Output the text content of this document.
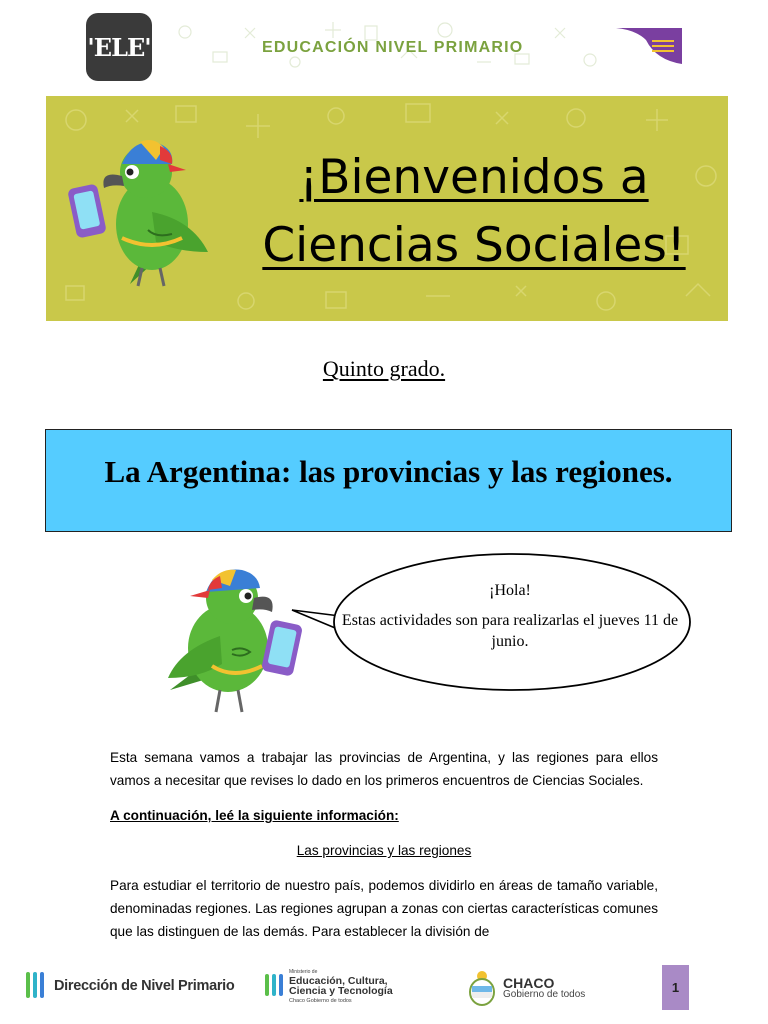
'ELE'	EDUCACIÓN NIVEL PRIMARIO
¡Bienvenidos a
Ciencias Sociales!
Quinto grado.
La Argentina: las provincias y las regiones.
¡Hola!
Estas actividades son para realizarlas el jueves 11 de junio.

Esta semana vamos a trabajar las provincias de Argentina, y las regiones para ellos vamos a necesitar que revises lo dado en los primeros encuentros de Ciencias Sociales.

A continuación, leé la siguiente información:

Las provincias y las regiones

Para estudiar el territorio de nuestro país, podemos dividirlo en áreas de tamaño variable, denominadas regiones. Las regiones agrupan a zonas con ciertas características comunes que las distinguen de las demás. Para establecer la división de

Dirección de Nivel Primario
Ministerio de
Educación, Cultura, Ciencia y Tecnología
Chaco Gobierno de todos
CHACO
Gobierno de todos	1
